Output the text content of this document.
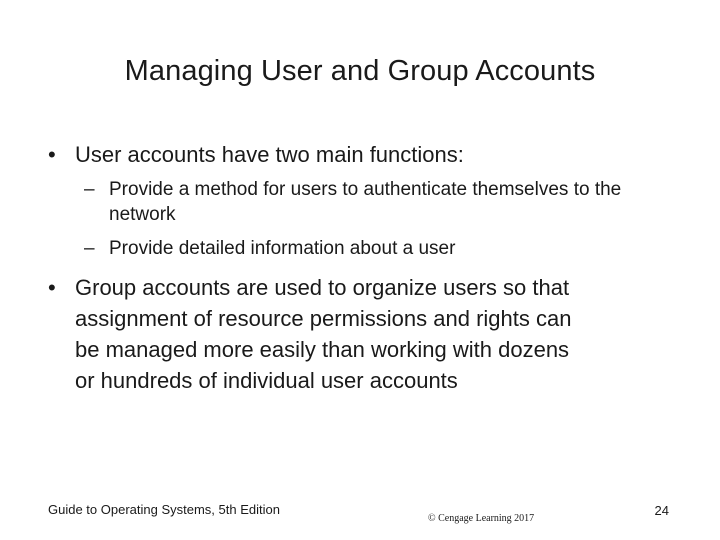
Managing User and Group Accounts
• User accounts have two main functions:
– Provide a method for users to authenticate themselves to the network
– Provide detailed information about a user
• Group accounts are used to organize users so that
assignment of resource permissions and rights can
be managed more easily than working with dozens
or hundreds of individual user accounts
Guide to Operating Systems, 5th Edition
© Cengage Learning 2017
24
